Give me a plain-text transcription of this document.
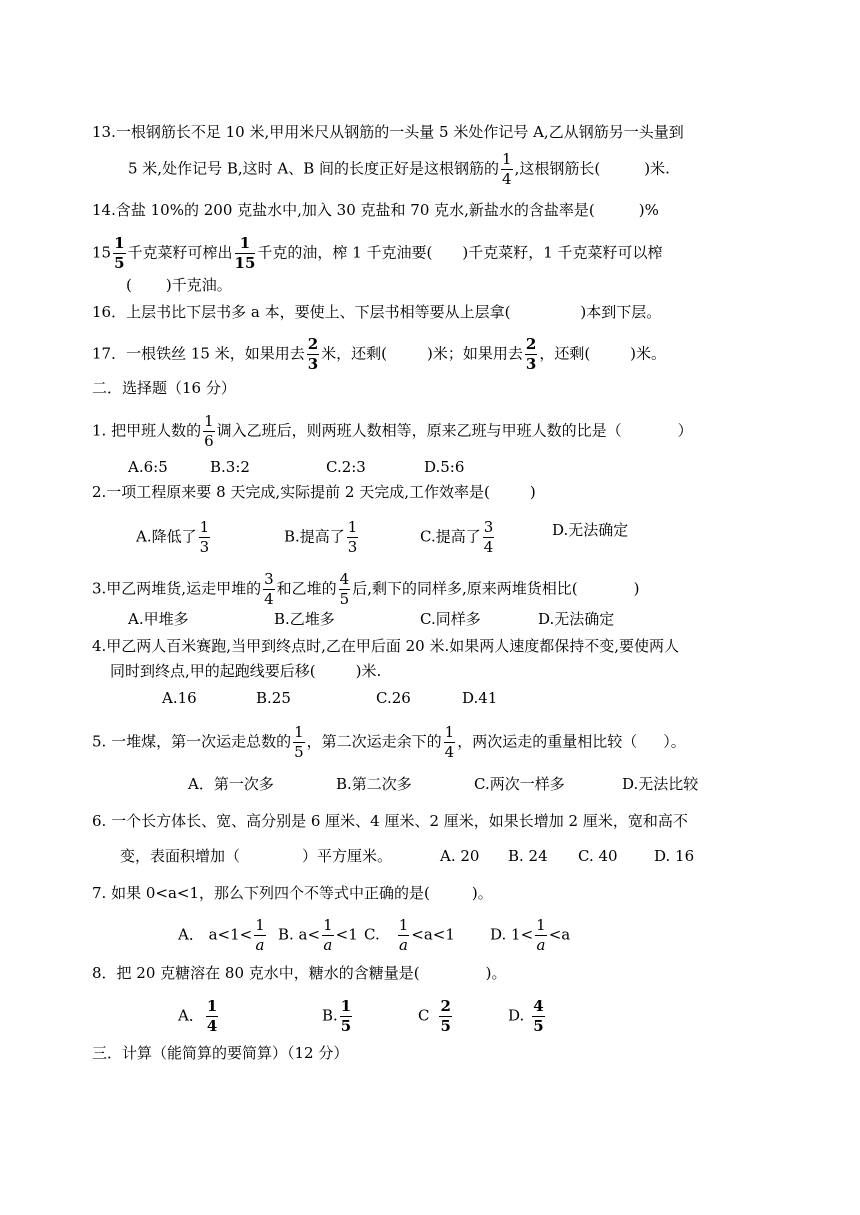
13.一根钢筋长不足 10 米,甲用米尺从钢筋的一头量 5 米处作记号 A,乙从钢筋另一头量到
5 米,处作记号 B,这时 A、B 间的长度正好是这根钢筋的 $\frac{1}{4}$ ,这根钢筋长(	)米.
14.含盐 10%的 200 克盐水中,加入 30 克盐和 70 克水,新盐水的含盐率是(	)%
$15 \frac{1}{5}$ 千克菜籽可榨出 $\frac{1}{15}$ 千克的油，榨 1 千克油要( )千克菜籽，1 千克菜籽可以榨
( )千克油。
16．上层书比下层书多 a 本，要使上、下层书相等要从上层拿(	)本到下层。
17．一根铁丝 15 米，如果用去 $\frac{2}{3}$ 米，还剩(	)米；如果用去 $\frac{2}{3}$ ，还剩(	)米。
二．选择题（16 分）
1. 把甲班人数的 $\frac{1}{6}$ 调入乙班后，则两班人数相等，原来乙班与甲班人数的比是（	）
A.6:5	B.3:2	C.2:3	D.5:6
2.一项工程原来要 8 天完成,实际提前 2 天完成,工作效率是(	)
A.降低了 $\frac{1}{3}$	B.提高了 $\frac{1}{3}$	C.提高了 $\frac{3}{4}$	D.无法确定
3.甲乙两堆货,运走甲堆的 $\frac{3}{4}$ 和乙堆的 $\frac{4}{5}$ 后,剩下的同样多,原来两堆货相比(	)
A.甲堆多	B.乙堆多	C.同样多	D.无法确定
4.甲乙两人百米赛跑,当甲到终点时,乙在甲后面 20 米.如果两人速度都保持不变,要使两人
同时到终点,甲的起跑线要后移(	)米.
A.16	B.25	C.26	D.41
5. 一堆煤，第一次运走总数的 $\frac{1}{5}$ ，第二次运走余下的 $\frac{1}{4}$ ，两次运走的重量相比较（ ）。
A．第一次多	B.第二次多	C.两次一样多	D.无法比较
6. 一个长方体长、宽、高分别是 6 厘米、4 厘米、2 厘米，如果长增加 2 厘米，宽和高不
变，表面积增加（	）平方厘米。	A. 20 B. 24 C. 40 D. 16
7. 如果 0<a<1，那么下列四个不等式中正确的是(	)。
A． $a<1< \frac{1}{a} B$. $a< \frac{1}{a} <1$ C. $\frac{1}{a} <a<1$ D. $1< \frac{1}{a} <a$
8．把 20 克糖溶在 80 克水中，糖水的含糖量是(	)。
A． $\frac{1}{4}$	B. $\frac{1}{5}$	C $\frac{2}{5}$	D. $\frac{4}{5}$
三．计算（能简算的要简算）（12 分）
